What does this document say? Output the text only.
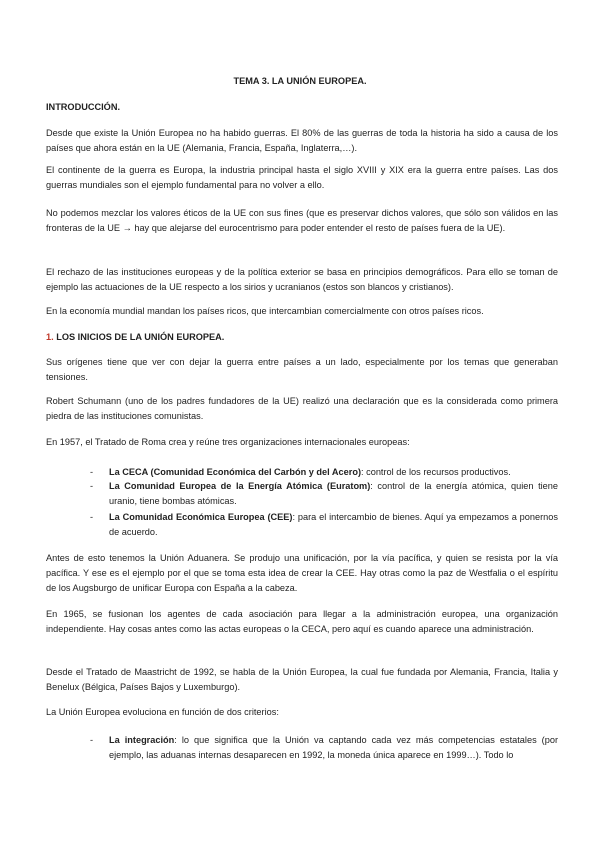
TEMA 3. LA UNIÓN EUROPEA.
INTRODUCCIÓN.
Desde que existe la Unión Europea no ha habido guerras. El 80% de las guerras de toda la historia ha sido a causa de los países que ahora están en la UE (Alemania, Francia, España, Inglaterra,…).
El continente de la guerra es Europa, la industria principal hasta el siglo XVIII y XIX era la guerra entre países. Las dos guerras mundiales son el ejemplo fundamental para no volver a ello.
No podemos mezclar los valores éticos de la UE con sus fines (que es preservar dichos valores, que sólo son válidos en las fronteras de la UE → hay que alejarse del eurocentrismo para poder entender el resto de países fuera de la UE).
El rechazo de las instituciones europeas y de la política exterior se basa en principios demográficos. Para ello se toman de ejemplo las actuaciones de la UE respecto a los sirios y ucranianos (estos son blancos y cristianos).
En la economía mundial mandan los países ricos, que intercambian comercialmente con otros países ricos.
1. LOS INICIOS DE LA UNIÓN EUROPEA.
Sus orígenes tiene que ver con dejar la guerra entre países a un lado, especialmente por los temas que generaban tensiones.
Robert Schumann (uno de los padres fundadores de la UE) realizó una declaración que es la considerada como primera piedra de las instituciones comunistas.
En 1957, el Tratado de Roma crea y reúne tres organizaciones internacionales europeas:
- La CECA (Comunidad Económica del Carbón y del Acero): control de los recursos productivos.
- La Comunidad Europea de la Energía Atómica (Euratom): control de la energía atómica, quien tiene uranio, tiene bombas atómicas.
- La Comunidad Económica Europea (CEE): para el intercambio de bienes. Aquí ya empezamos a ponernos de acuerdo.
Antes de esto tenemos la Unión Aduanera. Se produjo una unificación, por la vía pacífica, y quien se resista por la vía pacífica. Y ese es el ejemplo por el que se toma esta idea de crear la CEE. Hay otras como la paz de Westfalia o el espíritu de los Augsburgo de unificar Europa con España a la cabeza.
En 1965, se fusionan los agentes de cada asociación para llegar a la administración europea, una organización independiente. Hay cosas antes como las actas europeas o la CECA, pero aquí es cuando aparece una administración.
Desde el Tratado de Maastricht de 1992, se habla de la Unión Europea, la cual fue fundada por Alemania, Francia, Italia y Benelux (Bélgica, Países Bajos y Luxemburgo).
La Unión Europea evoluciona en función de dos criterios:
- La integración: lo que significa que la Unión va captando cada vez más competencias estatales (por ejemplo, las aduanas internas desaparecen en 1992, la moneda única aparece en 1999…). Todo lo
